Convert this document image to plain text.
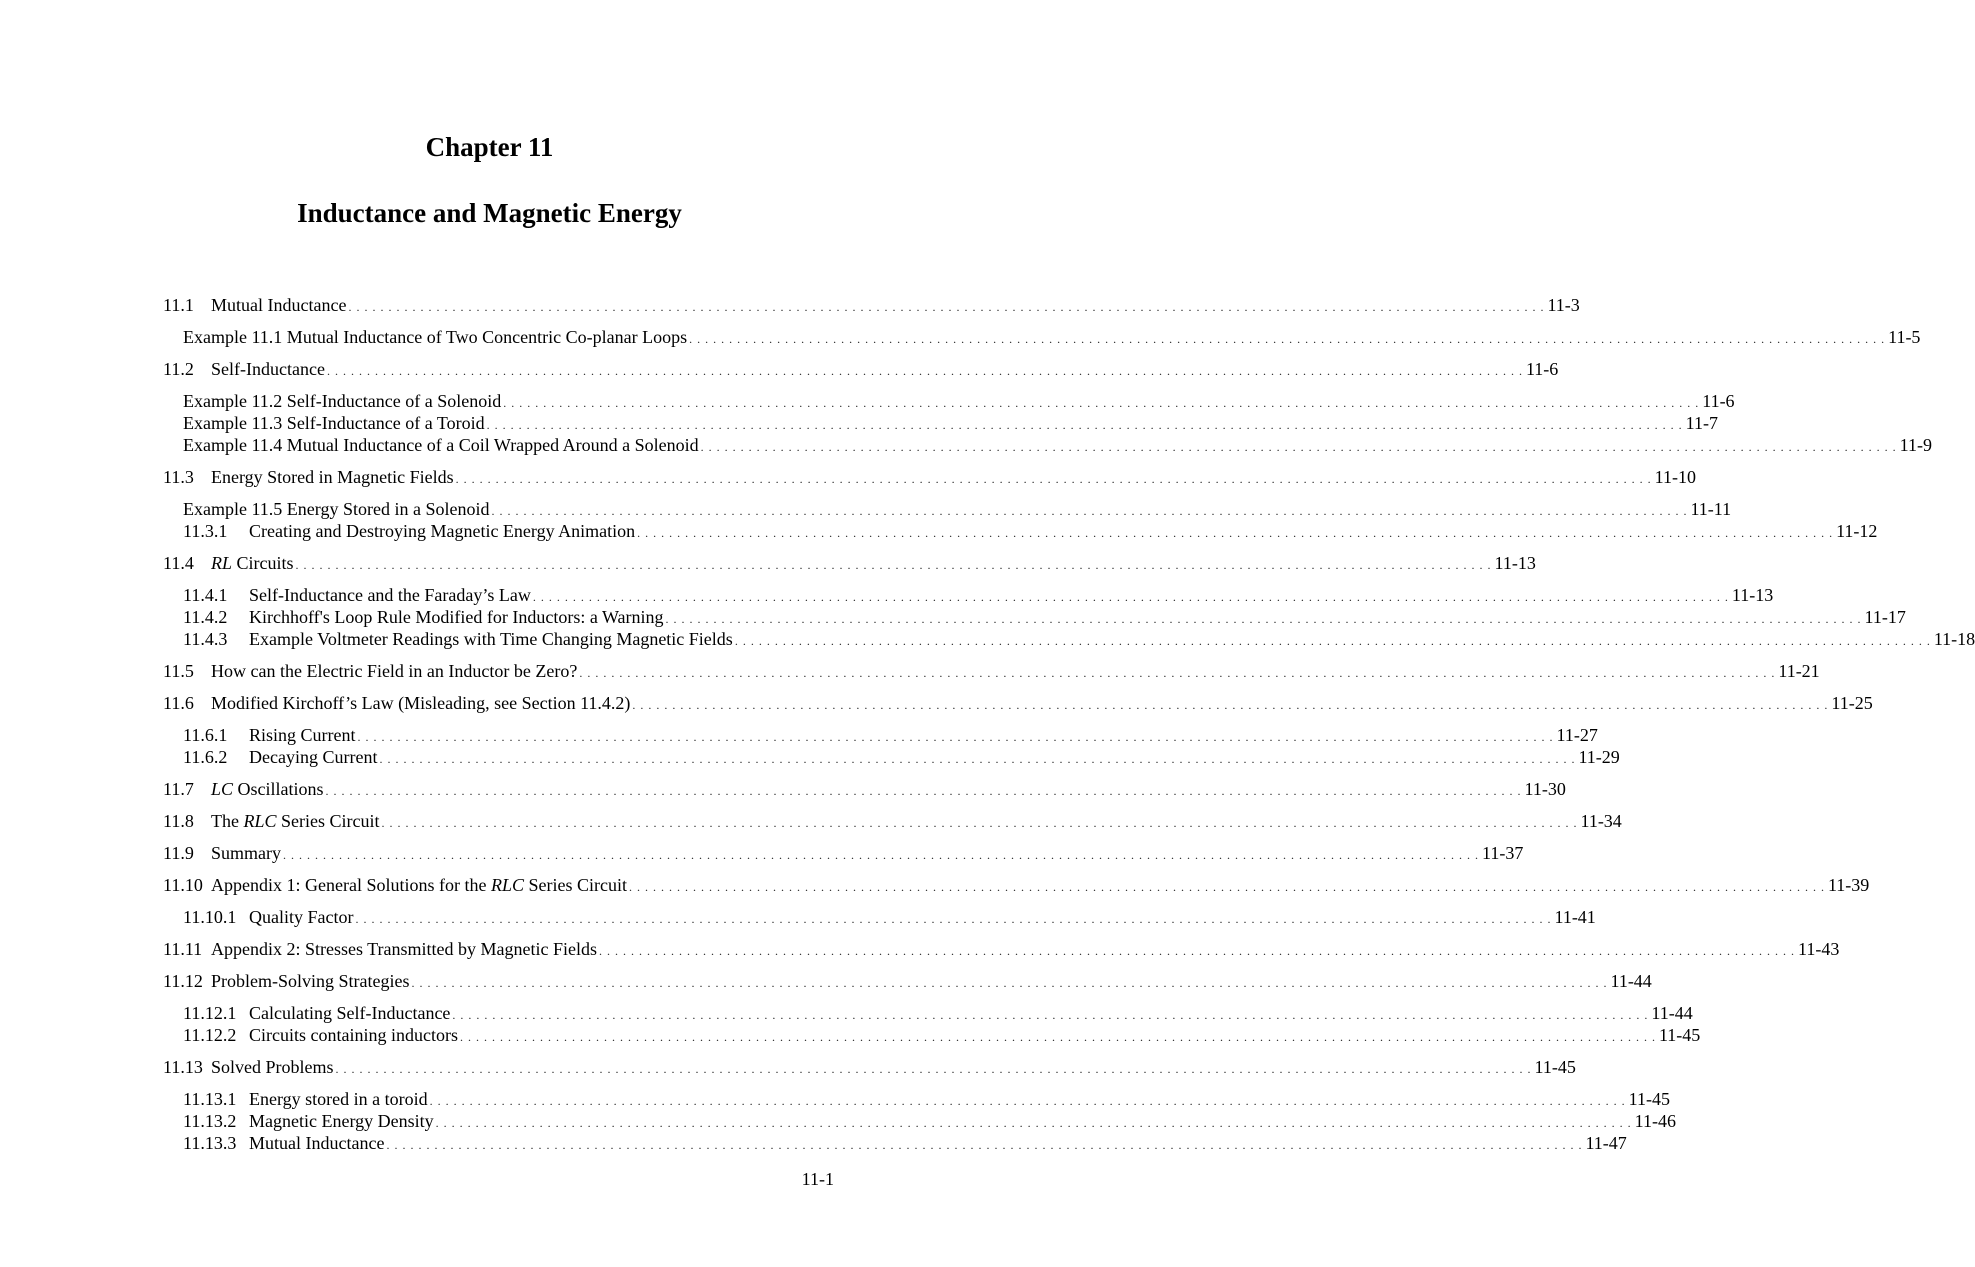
Chapter 11
Inductance and Magnetic Energy
11.1 Mutual Inductance . . . . . . . . . . . . . . . . . . . . . . . . . . . . . . . . . . . . . . . . . . . . . . . . . . . . . . . . . . . . . . . . . . . . . . . . . . . . . . . . . . . . . . . . . . . . . . . . . . . . . . . . . . . . . . . . . . . . . . . . . . . . . . . . . . . . . . . . . . . . . . . . . . . . . . 11-3
Example 11.1 Mutual Inductance of Two Concentric Co-planar Loops . . . . . . . . . . . . . . . . . . . . . . . . . . . . . . . . . . . . . . . . . . . . . . . . . . . . . . . . . . . . . . . . . . . . . . . . . . . . . . . . . . . . . . . . . . . . . . . . . . . . . . . . . . . . . . . . . . . . . . . . . . . . . . . . . . . . . . . . . . . . . . . . . . . . . . 11-5
11.2 Self-Inductance . . . . . . . . . . . . . . . . . . . . . . . . . . . . . . . . . . . . . . . . . . . . . . . . . . . . . . . . . . . . . . . . . . . . . . . . . . . . . . . . . . . . . . . . . . . . . . . . . . . . . . . . . . . . . . . . . . . . . . . . . . . . . . . . . . . . . . . . . . . . . . . . . . . . . . 11-6
Example 11.2 Self-Inductance of a Solenoid . . . . . . . . . . . . . . . . . . . . . . . . . . . . . . . . . . . . . . . . . . . . . . . . . . . . . . . . . . . . . . . . . . . . . . . . . . . . . . . . . . . . . . . . . . . . . . . . . . . . . . . . . . . . . . . . . . . . . . . . . . . . . . . . . . . . . . . . . . . . . . . . . . . . . . 11-6
Example 11.3 Self-Inductance of a Toroid . . . . . . . . . . . . . . . . . . . . . . . . . . . . . . . . . . . . . . . . . . . . . . . . . . . . . . . . . . . . . . . . . . . . . . . . . . . . . . . . . . . . . . . . . . . . . . . . . . . . . . . . . . . . . . . . . . . . . . . . . . . . . . . . . . . . . . . . . . . . . . . . . . . . . . 11-7
Example 11.4 Mutual Inductance of a Coil Wrapped Around a Solenoid . . . . . . . . . . . . . . . . . . . . . . . . . . . . . . . . . . . . . . . . . . . . . . . . . . . . . . . . . . . . . . . . . . . . . . . . . . . . . . . . . . . . . . . . . . . . . . . . . . . . . . . . . . . . . . . . . . . . . . . . . . . . . . . . . . . . . . . . . . . . . . . . . . . . . . 11-9
11.3 Energy Stored in Magnetic Fields . . . . . . . . . . . . . . . . . . . . . . . . . . . . . . . . . . . . . . . . . . . . . . . . . . . . . . . . . . . . . . . . . . . . . . . . . . . . . . . . . . . . . . . . . . . . . . . . . . . . . . . . . . . . . . . . . . . . . . . . . . . . . . . . . . . . . . . . . . . . . . . . . . . . . . 11-10
Example 11.5 Energy Stored in a Solenoid . . . . . . . . . . . . . . . . . . . . . . . . . . . . . . . . . . . . . . . . . . . . . . . . . . . . . . . . . . . . . . . . . . . . . . . . . . . . . . . . . . . . . . . . . . . . . . . . . . . . . . . . . . . . . . . . . . . . . . . . . . . . . . . . . . . . . . . . . . . . . . . . . . . . . . 11-11
11.3.1	Creating and Destroying Magnetic Energy Animation . . . . . . . . . . . . . . . . . . . . . . . . . . . . . . . . . . . . . . . . . . . . . . . . . . . . . . . . . . . . . . . . . . . . . . . . . . . . . . . . . . . . . . . . . . . . . . . . . . . . . . . . . . . . . . . . . . . . . . . . . . . . . . . . . . . . . . . . . . . . . . . . . . . . . . 11-12
11.4 RL Circuits . . . . . . . . . . . . . . . . . . . . . . . . . . . . . . . . . . . . . . . . . . . . . . . . . . . . . . . . . . . . . . . . . . . . . . . . . . . . . . . . . . . . . . . . . . . . . . . . . . . . . . . . . . . . . . . . . . . . . . . . . . . . . . . . . . . . . . . . . . . . . . . . . . . . . . 11-13
11.4.1	Self-Inductance and the Faraday’s Law . . . . . . . . . . . . . . . . . . . . . . . . . . . . . . . . . . . . . . . . . . . . . . . . . . . . . . . . . . . . . . . . . . . . . . . . . . . . . . . . . . . . . . . . . . . . . . . . . . . . . . . . . . . . . . . . . . . . . . . . . . . . . . . . . . . . . . . . . . . . . . . . . . . . . . 11-13
11.4.2	Kirchhoff's Loop Rule Modified for Inductors: a Warning . . . . . . . . . . . . . . . . . . . . . . . . . . . . . . . . . . . . . . . . . . . . . . . . . . . . . . . . . . . . . . . . . . . . . . . . . . . . . . . . . . . . . . . . . . . . . . . . . . . . . . . . . . . . . . . . . . . . . . . . . . . . . . . . . . . . . . . . . . . . . . . . . . . . . . 11-17
11.4.3	Example Voltmeter Readings with Time Changing Magnetic Fields . . . . . . . . . . . . . . . . . . . . . . . . . . . . . . . . . . . . . . . . . . . . . . . . . . . . . . . . . . . . . . . . . . . . . . . . . . . . . . . . . . . . . . . . . . . . . . . . . . . . . . . . . . . . . . . . . . . . . . . . . . . . . . . . . . . . . . . . . . . . . . . . . . . . . . 11-18
11.5 How can the Electric Field in an Inductor be Zero? . . . . . . . . . . . . . . . . . . . . . . . . . . . . . . . . . . . . . . . . . . . . . . . . . . . . . . . . . . . . . . . . . . . . . . . . . . . . . . . . . . . . . . . . . . . . . . . . . . . . . . . . . . . . . . . . . . . . . . . . . . . . . . . . . . . . . . . . . . . . . . . . . . . . . . 11-21
11.6 Modified Kirchoff’s Law (Misleading, see Section 11.4.2) . . . . . . . . . . . . . . . . . . . . . . . . . . . . . . . . . . . . . . . . . . . . . . . . . . . . . . . . . . . . . . . . . . . . . . . . . . . . . . . . . . . . . . . . . . . . . . . . . . . . . . . . . . . . . . . . . . . . . . . . . . . . . . . . . . . . . . . . . . . . . . . . . . . . . . 11-25
11.6.1	Rising Current . . . . . . . . . . . . . . . . . . . . . . . . . . . . . . . . . . . . . . . . . . . . . . . . . . . . . . . . . . . . . . . . . . . . . . . . . . . . . . . . . . . . . . . . . . . . . . . . . . . . . . . . . . . . . . . . . . . . . . . . . . . . . . . . . . . . . . . . . . . . . . . . . . . . . . 11-27
11.6.2	Decaying Current . . . . . . . . . . . . . . . . . . . . . . . . . . . . . . . . . . . . . . . . . . . . . . . . . . . . . . . . . . . . . . . . . . . . . . . . . . . . . . . . . . . . . . . . . . . . . . . . . . . . . . . . . . . . . . . . . . . . . . . . . . . . . . . . . . . . . . . . . . . . . . . . . . . . . . 11-29
11.7 LC Oscillations . . . . . . . . . . . . . . . . . . . . . . . . . . . . . . . . . . . . . . . . . . . . . . . . . . . . . . . . . . . . . . . . . . . . . . . . . . . . . . . . . . . . . . . . . . . . . . . . . . . . . . . . . . . . . . . . . . . . . . . . . . . . . . . . . . . . . . . . . . . . . . . . . . . . . . 11-30
11.8 The RLC Series Circuit . . . . . . . . . . . . . . . . . . . . . . . . . . . . . . . . . . . . . . . . . . . . . . . . . . . . . . . . . . . . . . . . . . . . . . . . . . . . . . . . . . . . . . . . . . . . . . . . . . . . . . . . . . . . . . . . . . . . . . . . . . . . . . . . . . . . . . . . . . . . . . . . . . . . . . 11-34
11.9 Summary . . . . . . . . . . . . . . . . . . . . . . . . . . . . . . . . . . . . . . . . . . . . . . . . . . . . . . . . . . . . . . . . . . . . . . . . . . . . . . . . . . . . . . . . . . . . . . . . . . . . . . . . . . . . . . . . . . . . . . . . . . . . . . . . . . . . . . . . . . . . . . . . . . . . . . 11-37
11.10 Appendix 1: General Solutions for the RLC Series Circuit . . . . . . . . . . . . . . . . . . . . . . . . . . . . . . . . . . . . . . . . . . . . . . . . . . . . . . . . . . . . . . . . . . . . . . . . . . . . . . . . . . . . . . . . . . . . . . . . . . . . . . . . . . . . . . . . . . . . . . . . . . . . . . . . . . . . . . . . . . . . . . . . . . . . . . 11-39
11.10.1 Quality Factor . . . . . . . . . . . . . . . . . . . . . . . . . . . . . . . . . . . . . . . . . . . . . . . . . . . . . . . . . . . . . . . . . . . . . . . . . . . . . . . . . . . . . . . . . . . . . . . . . . . . . . . . . . . . . . . . . . . . . . . . . . . . . . . . . . . . . . . . . . . . . . . . . . . . . . 11-41
11.11 Appendix 2: Stresses Transmitted by Magnetic Fields . . . . . . . . . . . . . . . . . . . . . . . . . . . . . . . . . . . . . . . . . . . . . . . . . . . . . . . . . . . . . . . . . . . . . . . . . . . . . . . . . . . . . . . . . . . . . . . . . . . . . . . . . . . . . . . . . . . . . . . . . . . . . . . . . . . . . . . . . . . . . . . . . . . . . . 11-43
11.12 Problem-Solving Strategies . . . . . . . . . . . . . . . . . . . . . . . . . . . . . . . . . . . . . . . . . . . . . . . . . . . . . . . . . . . . . . . . . . . . . . . . . . . . . . . . . . . . . . . . . . . . . . . . . . . . . . . . . . . . . . . . . . . . . . . . . . . . . . . . . . . . . . . . . . . . . . . . . . . . . . 11-44
11.12.1 Calculating Self-Inductance . . . . . . . . . . . . . . . . . . . . . . . . . . . . . . . . . . . . . . . . . . . . . . . . . . . . . . . . . . . . . . . . . . . . . . . . . . . . . . . . . . . . . . . . . . . . . . . . . . . . . . . . . . . . . . . . . . . . . . . . . . . . . . . . . . . . . . . . . . . . . . . . . . . . . . 11-44
11.12.2 Circuits containing inductors . . . . . . . . . . . . . . . . . . . . . . . . . . . . . . . . . . . . . . . . . . . . . . . . . . . . . . . . . . . . . . . . . . . . . . . . . . . . . . . . . . . . . . . . . . . . . . . . . . . . . . . . . . . . . . . . . . . . . . . . . . . . . . . . . . . . . . . . . . . . . . . . . . . . . . 11-45
11.13 Solved Problems . . . . . . . . . . . . . . . . . . . . . . . . . . . . . . . . . . . . . . . . . . . . . . . . . . . . . . . . . . . . . . . . . . . . . . . . . . . . . . . . . . . . . . . . . . . . . . . . . . . . . . . . . . . . . . . . . . . . . . . . . . . . . . . . . . . . . . . . . . . . . . . . . . . . . . 11-45
11.13.1 Energy stored in a toroid . . . . . . . . . . . . . . . . . . . . . . . . . . . . . . . . . . . . . . . . . . . . . . . . . . . . . . . . . . . . . . . . . . . . . . . . . . . . . . . . . . . . . . . . . . . . . . . . . . . . . . . . . . . . . . . . . . . . . . . . . . . . . . . . . . . . . . . . . . . . . . . . . . . . . . 11-45
11.13.2 Magnetic Energy Density . . . . . . . . . . . . . . . . . . . . . . . . . . . . . . . . . . . . . . . . . . . . . . . . . . . . . . . . . . . . . . . . . . . . . . . . . . . . . . . . . . . . . . . . . . . . . . . . . . . . . . . . . . . . . . . . . . . . . . . . . . . . . . . . . . . . . . . . . . . . . . . . . . . . . . 11-46
11.13.3 Mutual Inductance . . . . . . . . . . . . . . . . . . . . . . . . . . . . . . . . . . . . . . . . . . . . . . . . . . . . . . . . . . . . . . . . . . . . . . . . . . . . . . . . . . . . . . . . . . . . . . . . . . . . . . . . . . . . . . . . . . . . . . . . . . . . . . . . . . . . . . . . . . . . . . . . . . . . . . 11-47

11-1
